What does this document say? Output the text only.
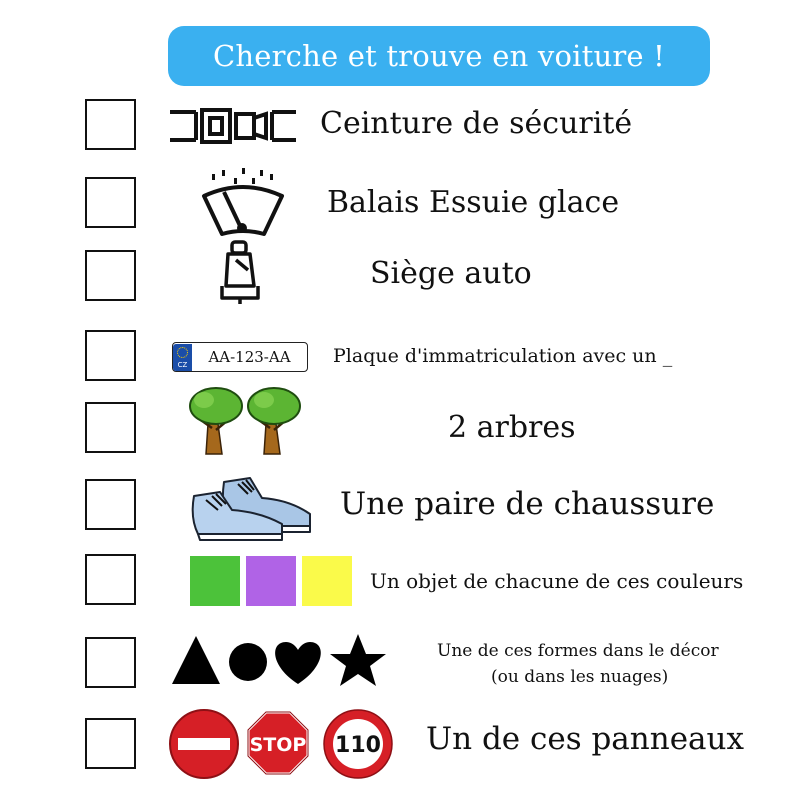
Cherche et trouve en voiture !
Ceinture de sécurité
Balais Essuie glace
Siège auto
CZ	AA-123-AA	Plaque d'immatriculation avec un _
2 arbres
Une paire de chaussure
Un objet de chacune de ces couleurs
Une de ces formes dans le décor
(ou dans les nuages)
STOP 110 Un de ces panneaux
